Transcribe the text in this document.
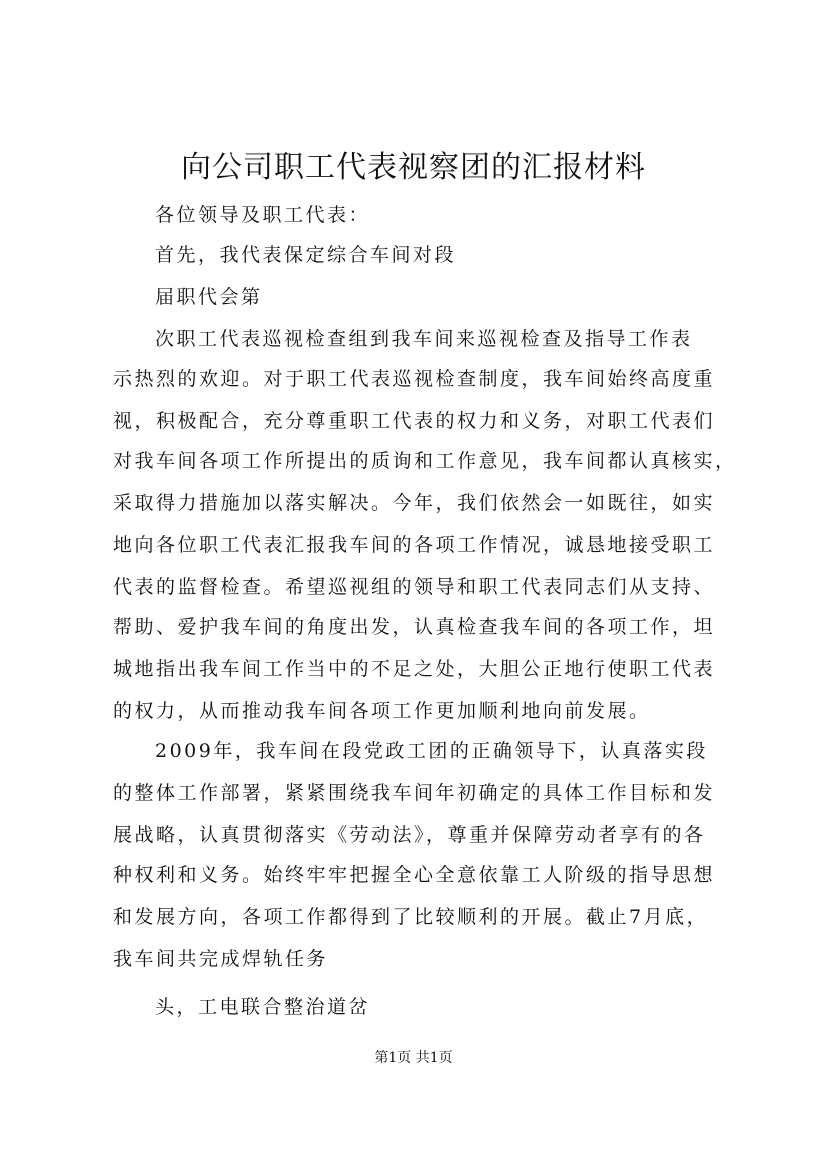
向公司职工代表视察团的汇报材料
各位领导及职工代表：
首先，我代表保定综合车间对段
届职代会第
次职工代表巡视检查组到我车间来巡视检查及指导工作表
示热烈的欢迎。对于职工代表巡视检查制度，我车间始终高度重
视，积极配合，充分尊重职工代表的权力和义务，对职工代表们
对我车间各项工作所提出的质询和工作意见，我车间都认真核实，
采取得力措施加以落实解决。今年，我们依然会一如既往，如实
地向各位职工代表汇报我车间的各项工作情况，诚恳地接受职工
代表的监督检查。希望巡视组的领导和职工代表同志们从支持、
帮助、爱护我车间的角度出发，认真检查我车间的各项工作，坦
城地指出我车间工作当中的不足之处，大胆公正地行使职工代表
的权力，从而推动我车间各项工作更加顺利地向前发展。
2009年，我车间在段党政工团的正确领导下，认真落实段
的整体工作部署，紧紧围绕我车间年初确定的具体工作目标和发
展战略，认真贯彻落实《劳动法》，尊重并保障劳动者享有的各
种权利和义务。始终牢牢把握全心全意依靠工人阶级的指导思想
和发展方向，各项工作都得到了比较顺利的开展。截止7月底，
我车间共完成焊轨任务
头，工电联合整治道岔
第1页 共1页
